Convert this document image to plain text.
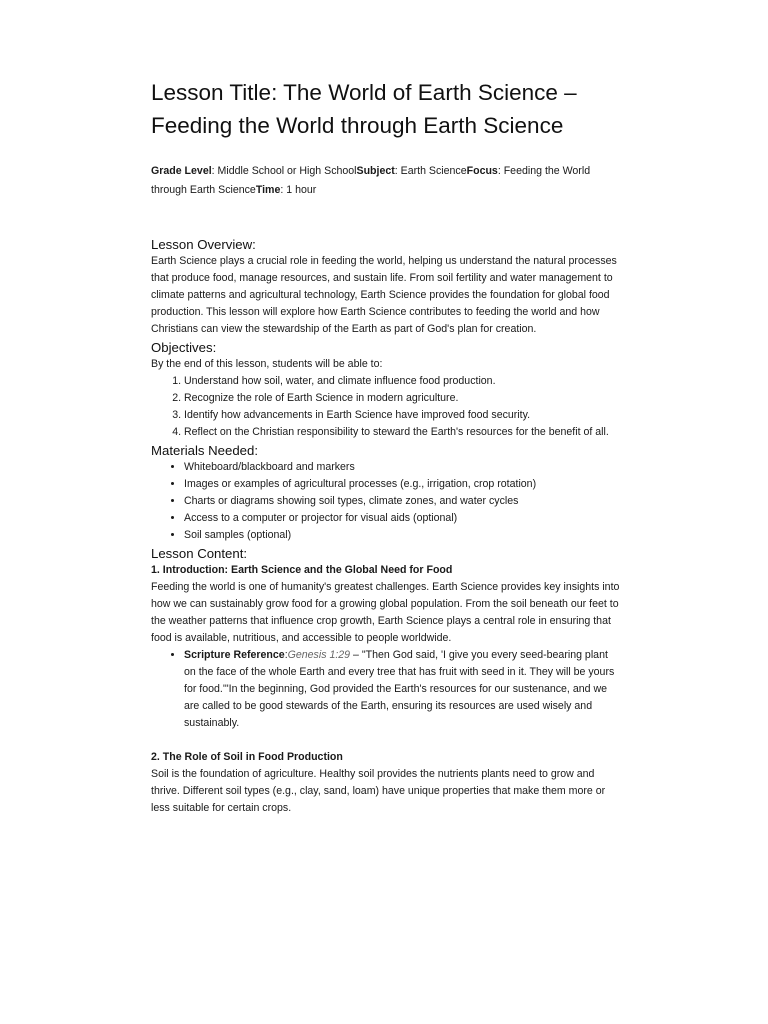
Lesson Title: The World of Earth Science –
Feeding the World through Earth Science
Grade Level: Middle School or High SchoolSubject: Earth ScienceFocus: Feeding the World through Earth ScienceTime: 1 hour
Lesson Overview:

Earth Science plays a crucial role in feeding the world, helping us understand the natural processes that produce food, manage resources, and sustain life. From soil fertility and water management to climate patterns and agricultural technology, Earth Science provides the foundation for global food production. This lesson will explore how Earth Science contributes to feeding the world and how Christians can view the stewardship of the Earth as part of God's plan for creation.

Objectives:

By the end of this lesson, students will be able to:

1. Understand how soil, water, and climate influence food production.
2. Recognize the role of Earth Science in modern agriculture.
3. Identify how advancements in Earth Science have improved food security.
4. Reflect on the Christian responsibility to steward the Earth's resources for the benefit of all.
Materials Needed:
• Whiteboard/blackboard and markers
• Images or examples of agricultural processes (e.g., irrigation, crop rotation)
• Charts or diagrams showing soil types, climate zones, and water cycles
• Access to a computer or projector for visual aids (optional)
• Soil samples (optional)
Lesson Content:
1. Introduction: Earth Science and the Global Need for Food

Feeding the world is one of humanity's greatest challenges. Earth Science provides key insights into how we can sustainably grow food for a growing global population. From the soil beneath our feet to the weather patterns that influence crop growth, Earth Science plays a central role in ensuring that food is available, nutritious, and accessible to people worldwide.

• Scripture Reference:Genesis 1:29 – "Then God said, 'I give you every seed-bearing plant on the face of the whole Earth and every tree that has fruit with seed in it. They will be yours for food.'"In the beginning, God provided the Earth's resources for our sustenance, and we are called to be good stewards of the Earth, ensuring its resources are used wisely and sustainably.
2. The Role of Soil in Food Production

Soil is the foundation of agriculture. Healthy soil provides the nutrients plants need to grow and thrive. Different soil types (e.g., clay, sand, loam) have unique properties that make them more or less suitable for certain crops.
